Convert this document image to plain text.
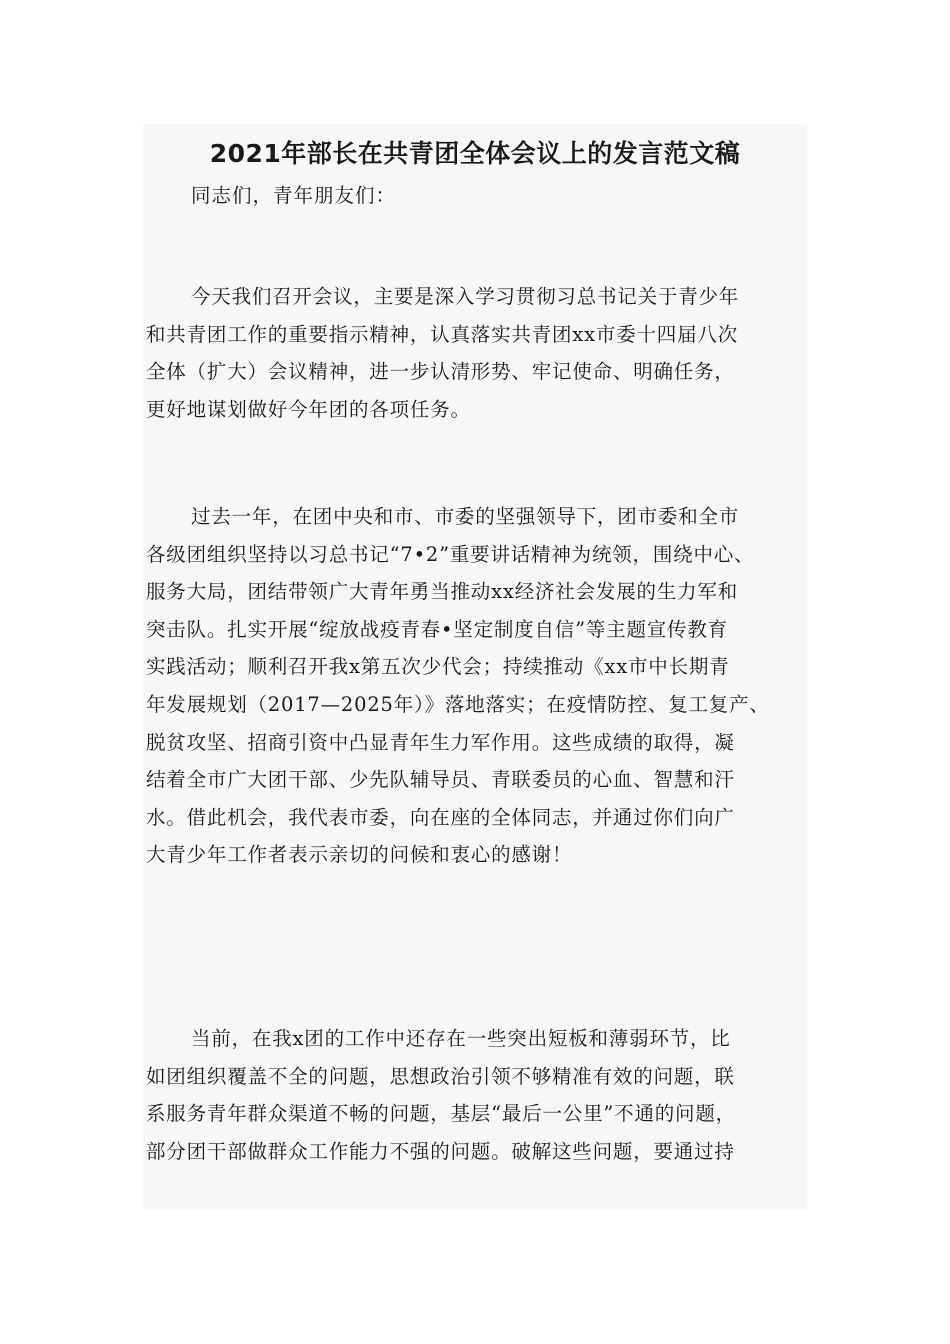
2021年部长在共青团全体会议上的发言范文稿

同志们，青年朋友们：

今天我们召开会议，主要是深入学习贯彻习总书记关于青少年
和共青团工作的重要指示精神，认真落实共青团xx市委十四届八次
全体（扩大）会议精神，进一步认清形势、牢记使命、明确任务，
更好地谋划做好今年团的各项任务。
过去一年，在团中央和市、市委的坚强领导下，团市委和全市
各级团组织坚持以习总书记“7•2”重要讲话精神为统领，围绕中心、
服务大局，团结带领广大青年勇当推动xx经济社会发展的生力军和
突击队。扎实开展“绽放战疫青春•坚定制度自信”等主题宣传教育
实践活动；顺利召开我x第五次少代会；持续推动《xx市中长期青
年发展规划（2017—2025年）》落地落实；在疫情防控、复工复产、
脱贫攻坚、招商引资中凸显青年生力军作用。这些成绩的取得，凝
结着全市广大团干部、少先队辅导员、青联委员的心血、智慧和汗
水。借此机会，我代表市委，向在座的全体同志，并通过你们向广
大青少年工作者表示亲切的问候和衷心的感谢！
当前，在我x团的工作中还存在一些突出短板和薄弱环节，比
如团组织覆盖不全的问题，思想政治引领不够精准有效的问题，联
系服务青年群众渠道不畅的问题，基层“最后一公里”不通的问题，
部分团干部做群众工作能力不强的问题。破解这些问题，要通过持
